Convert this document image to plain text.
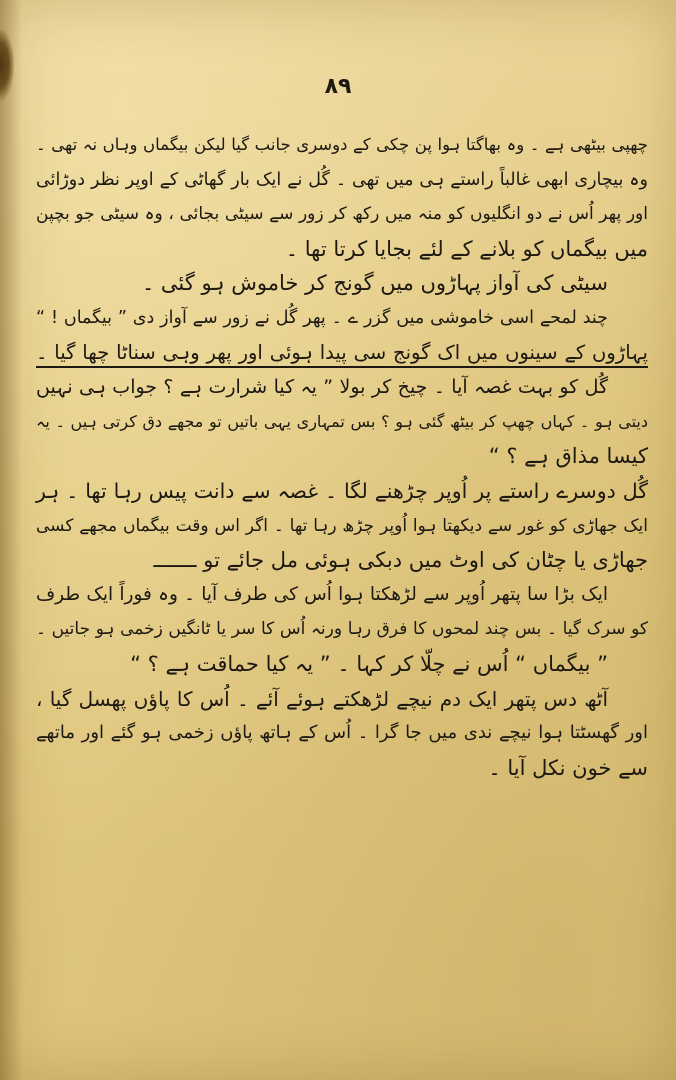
۸۹
چھپی بیٹھی ہے ۔ وہ بھاگتا ہوا پن چکی کے دوسری جانب گیا لیکن بیگماں وہاں نہ تھی ۔
وہ بیچاری ابھی غالباً راستے ہی میں تھی ۔ گُل نے ایک بار گھاٹی کے اوپر نظر دوڑائی
اور پھر اُس نے دو انگلیوں کو منہ میں رکھ کر زور سے سیٹی بجائی ، وہ سیٹی جو بچپن
میں بیگماں کو بلانے کے لئے بجایا کرتا تھا ۔
سیٹی کی آواز پہاڑوں میں گونج کر خاموش ہو گئی ۔
چند لمحے اسی خاموشی میں گزر ے ۔ پھر گُل نے زور سے آواز دی ” بیگماں ! “
پہاڑوں کے سینوں میں اک گونج سی پیدا ہوئی اور پھر وہی سناٹا چھا گیا ۔
گُل کو بہت غصہ آیا ۔ چیخ کر بولا ” یہ کیا شرارت ہے ؟ جواب ہی نہیں
دیتی ہو ۔ کہاں چھپ کر بیٹھ گئی ہو ؟ بس تمہاری یہی باتیں تو مجھے دق کرتی ہیں ۔ یہ
کیسا مذاق ہے ؟ “
گُل دوسرے راستے پر اُوپر چڑھنے لگا ۔ غصہ سے دانت پیس رہا تھا ۔ ہر
ایک جھاڑی کو غور سے دیکھتا ہوا اُوپر چڑھ رہا تھا ۔ اگر اس وقت بیگماں مجھے کسی
جھاڑی یا چٹان کی اوٹ میں دبکی ہوئی مل جائے تو ـــــــ
ایک بڑا سا پتھر اُوپر سے لڑھکتا ہوا اُس کی طرف آیا ۔ وہ فوراً ایک طرف
کو سرک گیا ۔ بس چند لمحوں کا فرق رہا ورنہ اُس کا سر یا ٹانگیں زخمی ہو جاتیں ۔
” بیگماں “ اُس نے چلّا کر کہا ۔ ” یہ کیا حماقت ہے ؟ “
آٹھ دس پتھر ایک دم نیچے لڑھکتے ہوئے آئے ۔ اُس کا پاؤں پھسل گیا ،
اور گھسٹتا ہوا نیچے ندی میں جا گرا ۔ اُس کے ہاتھ پاؤں زخمی ہو گئے اور ماتھے
سے خون نکل آیا ۔
